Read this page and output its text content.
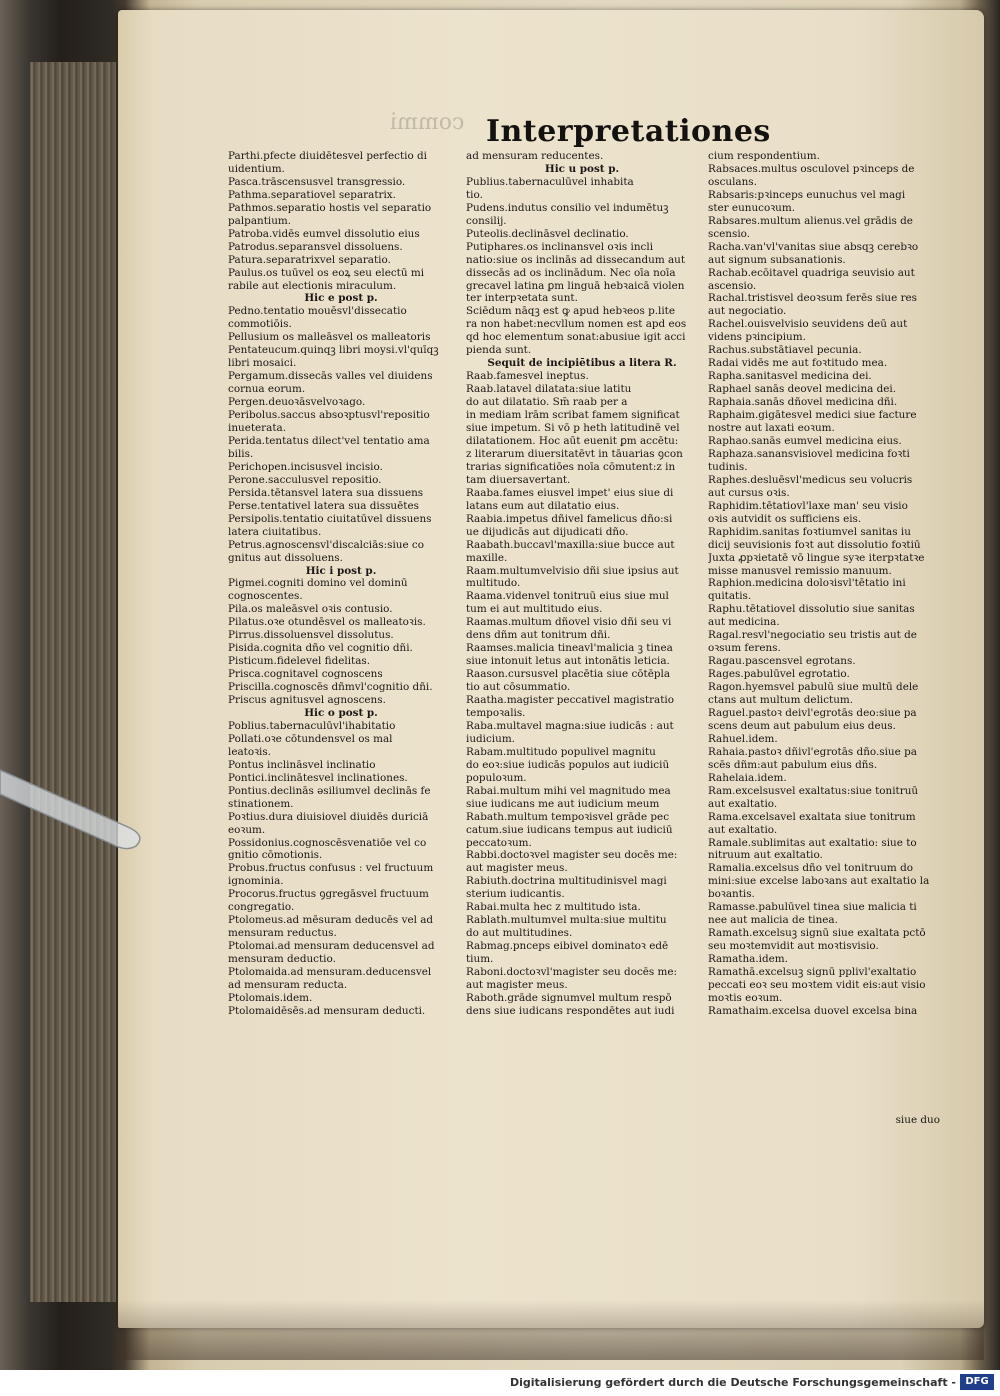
commi Interpretationes
Parthi.pfecte diuidētesvel perfectio di
uidentium.
Pasca.trāscensusvel transgressio.
Pathma.separatiovel separatrix.
Pathmos.separatio hostis vel separatio
palpantium.
Patroba.vidēs eumvel dissolutio eius
Patrodus.separansvel dissoluens.
Patura.separatrixvel separatio.
Paulus.os tuūvel os eoꝝ seu electū mi
rabile aut electionis miraculum.
Hic e post p.
Pedno.tentatio mouēsvl'dissecatio
commotiōis.
Pellusium os malleāsvel os malleatoris
Pentateucum.quinqꝫ libri moysi.vl'quīqꝫ
libri mosaici.
Pergamum.dissecās valles vel diuidens
cornua eorum.
Pergen.deuoꝛāsvelvoꝛago.
Peribolus.saccus absoꝛptusvl'repositio
inueterata.
Perida.tentatus dilect'vel tentatio ama
bilis.
Perichopen.incisusvel incisio.
Perone.sacculusvel repositio.
Persida.tētansvel latera sua dissuens
Perse.tentativel latera sua dissuētes
Persipolis.tentatio ciuitatūvel dissuens
latera ciuitatibus.
Petrus.agnoscensvl'discalciās:siue co
gnitus aut dissoluens.
Hic i post p.
Pigmei.cogniti domino vel dominū
cognoscentes.
Pila.os maleāsvel oꝛis contusio.
Pilatus.oꝛe otundēsvel os malleatoꝛis.
Pirrus.dissoluensvel dissolutus.
Pisida.cognita dño vel cognitio dñi.
Pisticum.fidelevel fidelitas.
Prisca.cognitavel cognoscens
Priscilla.cognoscēs dñmvl'cognitio dñi.
Priscus agnitusvel agnoscens.
Hic o post p.
Poblius.tabernaculūvl'ihabitatio
Pollati.oꝛe cōtundensvel os mal
leatoꝛis.
Pontus inclināsvel inclinatio
Pontici.inclinātesvel inclinationes.
Pontius.declinās əsiliumvel declinās fe
stinationem.
Poꝛtius.dura diuisiovel diuidēs duriciā
eoꝛum.
Possidonius.cognoscēsvenatiōe vel co
gnitio cōmotionis.
Probus.fructus confusus : vel fructuum
ignominia.
Procorus.fructus ꝯgregāsvel fructuum
congregatio.
Ptolomeus.ad mēsuram deducēs vel ad
mensuram reductus.
Ptolomai.ad mensuram deducensvel ad
mensuram deductio.
Ptolomaida.ad mensuram.deducensvel
ad mensuram reducta.
Ptolomais.idem.
Ptolomaidēsēs.ad mensuram deducti.
ad mensuram reducentes.
Hic u post p.
Publius.tabernaculūvel inhabita
tio.
Pudens.indutus consilio vel indumētuꝫ
consilij.
Puteolis.declināsvel declinatio.
Putiphares.os inclinansvel oꝛis incli
natio:siue os inclinās ad dissecandum aut
dissecās ad os inclinādum. Nec oīa noīa
grecavel latina ꝑm linguā hebꝛaicā violen
ter interpꝛetata sunt.
Sciēdum nāqꝫ est ꝙ apud hebꝛeos p.lite
ra non habet:necvllum nomen est apd eos
qd̄ hoc elementum sonat:abusiue igit acci
pienda sunt.
Sequit de incipiētibus a litera R.
Raab.famesvel ineptus.
Raab.latavel dilatata:siue latitu
do aut dilatatio. Sm̄ raab per a
in mediam lrām scribat famem significat
siue impetum. Si vō p heth latitudinē vel
dilatationem. Hoc aūt euenit ꝑm accētu:
z literarum diuersitatēvt in tāuarias ꝯcon
trarias significatiōes noīa cōmutent:z in
tam diuersavertant.
Raaba.fames eiusvel impet' eius siue di
latans eum aut dilatatio eius.
Raabia.impetus dñivel famelicus dño:si
ue dijudicās aut dijudicati dño.
Raabath.buccavl'maxilla:siue bucce aut
maxille.
Raam.multumvelvisio dñi siue ipsius aut
multitudo.
Raama.videnvel tonitruū eius siue mul
tum ei aut multitudo eius.
Raamas.multum dñovel visio dñi seu vi
dens dñm aut tonitrum dñi.
Raamses.malicia tineavl'malicia ꝫ tinea
siue intonuit letus aut intonātis leticia.
Raason.cursusvel placētia siue cōtēpla
tio aut cōsummatio.
Raatha.magister peccativel magistratio
tempoꝛalis.
Raba.multavel magna:siue iudicās : aut
iudicium.
Rabam.multitudo populivel magnitu
do eoꝛ:siue iudicās populos aut iudiciū
populoꝛum.
Rabai.multum mihi vel magnitudo mea
siue iudicans me aut iudicium meum
Rabath.multum tempoꝛisvel grāde pec
catum.siue iudicans tempus aut iudiciū
peccatoꝛum.
Rabbi.doctoꝛvel magister seu docēs me:
aut magister meus.
Rabiuth.doctrina multitudinisvel magi
sterium iudicantis.
Rabai.multa hec z multitudo ista.
Rablath.multumvel multa:siue multitu
do aut multitudines.
Rabmag.pnceps eibivel dominatoꝛ edē
tium.
Raboni.doctoꝛvl'magister seu docēs me:
aut magister meus.
Raboth.grāde signumvel multum respō
dens siue iudicans respondētes aut iudi
cium respondentium.
Rabsaces.multus osculovel pꝛinceps de
osculans.
Rabsaris:pꝛinceps eunuchus vel magi
ster eunucoꝛum.
Rabsares.multum alienus.vel grādis de
scensio.
Racha.van'vl'vanitas siue absqꝫ cerebꝛo
aut signum subsanationis.
Rachab.ecōitavel quadriga seuvisio aut
ascensio.
Rachal.tristisvel deoꝛsum ferēs siue res
aut negociatio.
Rachel.ouisvelvisio seuvidens deū aut
videns pꝛincipium.
Rachus.substātiavel pecunia.
Radai vidēs me aut foꝛtitudo mea.
Rapha.sanitasvel medicina dei.
Raphael sanās deovel medicina dei.
Raphaia.sanās dñovel medicina dñi.
Raphaim.gigātesvel medici siue facture
nostre aut laxati eoꝛum.
Raphao.sanās eumvel medicina eius.
Raphaza.sanansvisiovel medicina foꝛti
tudinis.
Raphes.desluēsvl'medicus seu volucris
aut cursus oꝛis.
Raphidim.tētatiovl'laxe man' seu visio
oꝛis autvidit os sufficiens eis.
Raphidim.sanitas foꝛtiumvel sanitas iu
dicij seuvisionis foꝛt aut dissolutio foꝛtiū
Juxta ꝓpꝛietatē vō lingue syꝛe iterpꝛtatꝛe
misse manusvel remissio manuum.
Raphion.medicina doloꝛisvl'tētatio ini
quitatis.
Raphu.tētatiovel dissolutio siue sanitas
aut medicina.
Ragal.resvl'negociatio seu tristis aut de
oꝛsum ferens.
Ragau.pascensvel egrotans.
Rages.pabulūvel egrotatio.
Ragon.hyemsvel pabulū siue multū dele
ctans aut multum delictum.
Raguel.pastoꝛ deivl'egrotās deo:siue pa
scens deum aut pabulum eius deus.
Rahuel.idem.
Rahaia.pastoꝛ dñivl'egrotās dño.siue pa
scēs dñm:aut pabulum eius dñs.
Rahelaia.idem.
Ram.excelsusvel exaltatus:siue tonitruū
aut exaltatio.
Rama.excelsavel exaltata siue tonitrum
aut exaltatio.
Ramale.sublimitas aut exaltatio: siue to
nitruum aut exaltatio.
Ramalia.excelsus dño vel tonitruum do
mini:siue excelse laboꝛans aut exaltatio la
boꝛantis.
Ramasse.pabulūvel tinea siue malicia ti
nee aut malicia de tinea.
Ramath.excelsuꝫ signū siue exaltata pctō
seu moꝛtemvidit aut moꝛtisvisio.
Ramatha.idem.
Ramathā.excelsuꝫ signū pplivl'exaltatio
peccati eoꝛ seu moꝛtem vidit eis:aut visio
moꝛtis eoꝛum.
Ramathaim.excelsa duovel excelsa bina
siue duo
Digitalisierung gefördert durch die Deutsche Forschungsgemeinschaft - DFG
